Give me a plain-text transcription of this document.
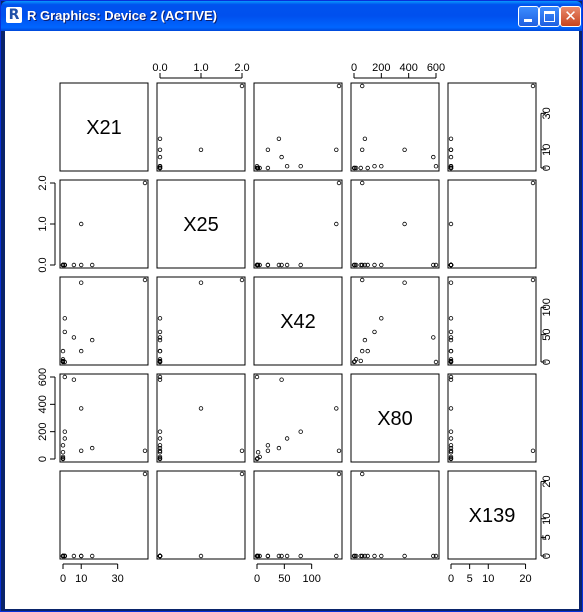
R R Graphics: Device 2 (ACTIVE)	✕
X21
X25
X42
X80
X139
0 10 30
0.0 1.0 2.0
0 50 100
0 200 400 600
0 5 10 20
0
10
30
0.0
1.0
2.0
0
50
100
0
200
400
600
0
5
10
20
